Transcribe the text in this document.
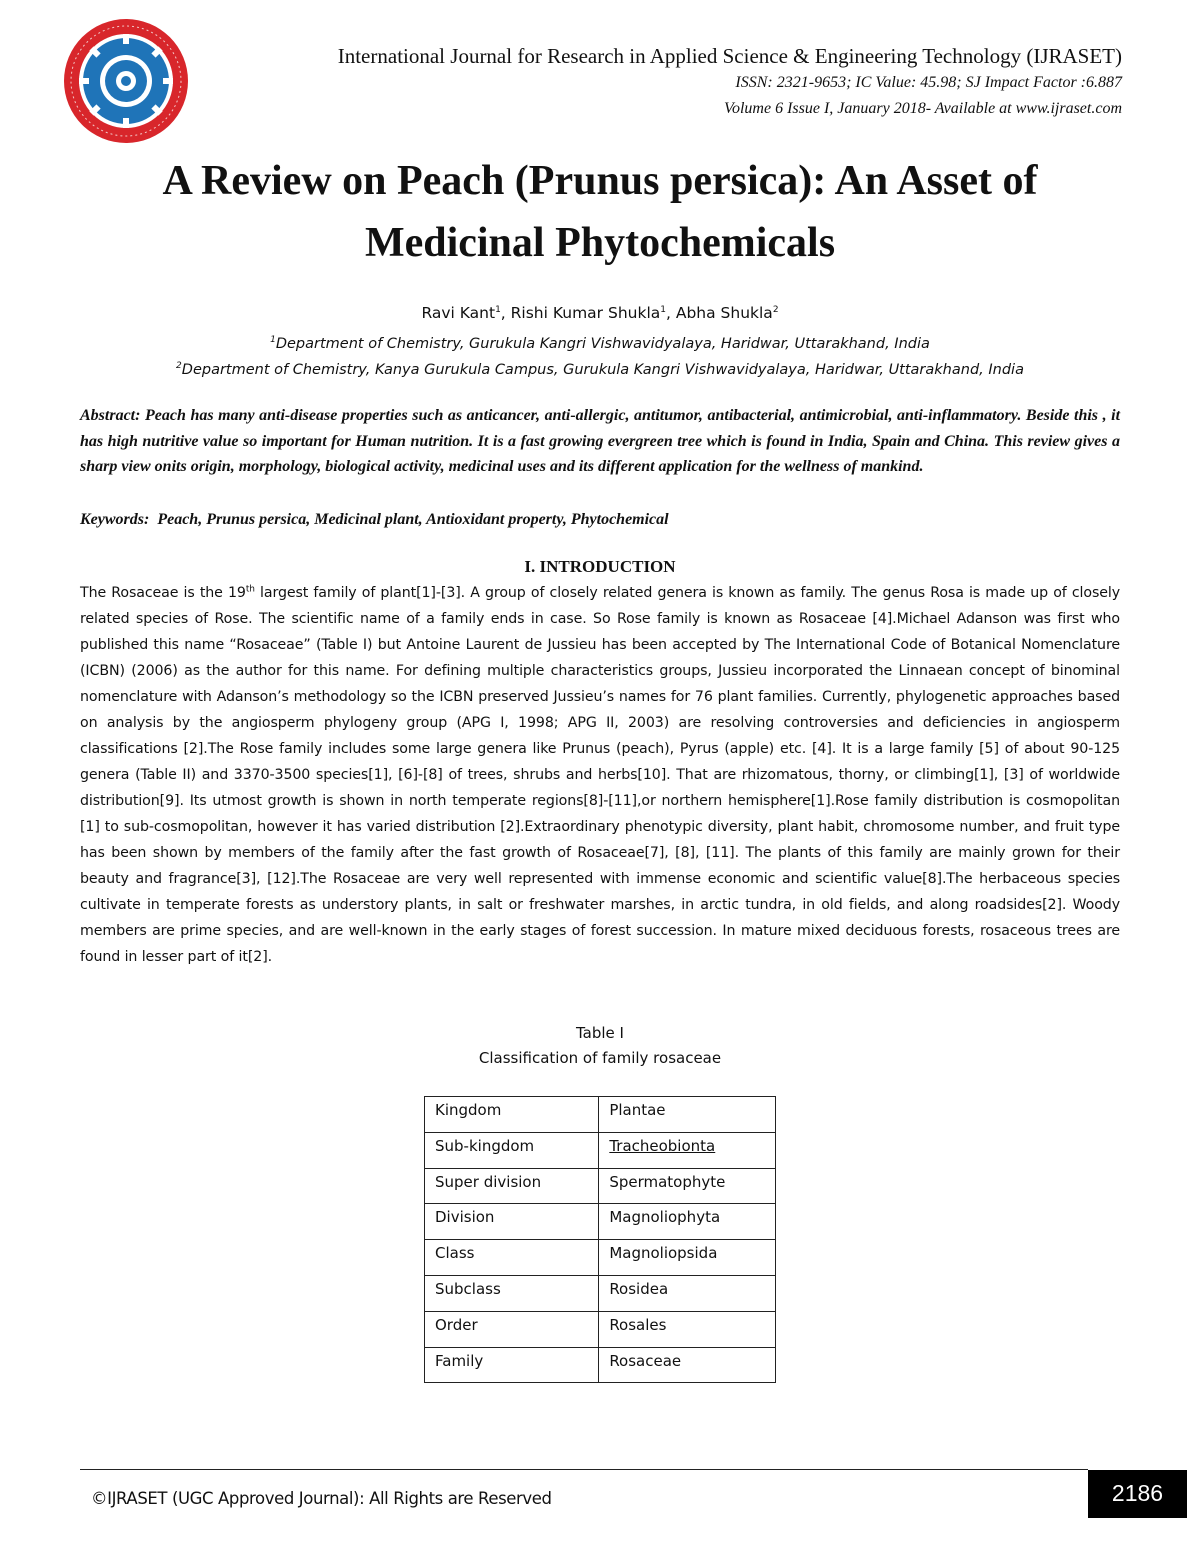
International Journal for Research in Applied Science & Engineering Technology (IJRASET)
ISSN: 2321-9653; IC Value: 45.98; SJ Impact Factor :6.887
Volume 6 Issue I, January 2018- Available at www.ijraset.com
A Review on Peach (Prunus persica): An Asset of
Medicinal Phytochemicals
Ravi Kant$^1$, Rishi Kumar Shukla$^1$, Abha Shukla$^2$
$^1$Department of Chemistry, Gurukula Kangri Vishwavidyalaya, Haridwar, Uttarakhand, India
$^2$Department of Chemistry, Kanya Gurukula Campus, Gurukula Kangri Vishwavidyalaya, Haridwar, Uttarakhand, India

Abstract: Peach has many anti-disease properties such as anticancer, anti-allergic, antitumor, antibacterial, antimicrobial, anti-inflammatory. Beside this , it has high nutritive value so important for Human nutrition. It is a fast growing evergreen tree which is found in India, Spain and China. This review gives a sharp view onits origin, morphology, biological activity, medicinal uses and its different application for the wellness of mankind.

Keywords: Peach, Prunus persica, Medicinal plant, Antioxidant property, Phytochemical

I. INTRODUCTION

The Rosaceae is the 19th largest family of plant[1]-[3]. A group of closely related genera is known as family. The genus Rosa is made up of closely related species of Rose. The scientific name of a family ends in case. So Rose family is known as Rosaceae [4].Michael Adanson was first who published this name “Rosaceae” (Table I) but Antoine Laurent de Jussieu has been accepted by The International Code of Botanical Nomenclature (ICBN) (2006) as the author for this name. For defining multiple characteristics groups, Jussieu incorporated the Linnaean concept of binominal nomenclature with Adanson’s methodology so the ICBN preserved Jussieu’s names for 76 plant families. Currently, phylogenetic approaches based on analysis by the angiosperm phylogeny group (APG I, 1998; APG II, 2003) are resolving controversies and deficiencies in angiosperm classifications [2].The Rose family includes some large genera like Prunus (peach), Pyrus (apple) etc. [4]. It is a large family [5] of about 90-125 genera (Table II) and 3370-3500 species[1], [6]-[8] of trees, shrubs and herbs[10]. That are rhizomatous, thorny, or climbing[1], [3] of worldwide distribution[9]. Its utmost growth is shown in north temperate regions[8]-[11],or northern hemisphere[1].Rose family distribution is cosmopolitan [1] to sub-cosmopolitan, however it has varied distribution [2].Extraordinary phenotypic diversity, plant habit, chromosome number, and fruit type has been shown by members of the family after the fast growth of Rosaceae[7], [8], [11]. The plants of this family are mainly grown for their beauty and fragrance[3], [12].The Rosaceae are very well represented with immense economic and scientific value[8].The herbaceous species cultivate in temperate forests as understory plants, in salt or freshwater marshes, in arctic tundra, in old fields, and along roadsides[2]. Woody members are prime species, and are well-known in the early stages of forest succession. In mature mixed deciduous forests, rosaceous trees are found in lesser part of it[2].

Table I
Classification of family rosaceae
Kingdom	Plantae
Sub-kingdom	Tracheobionta
Super division	Spermatophyte
Division	Magnoliophyta
Class	Magnoliopsida
Subclass	Rosidea
Order	Rosales
Family	Rosaceae
©IJRASET (UGC Approved Journal): All Rights are Reserved	2186
